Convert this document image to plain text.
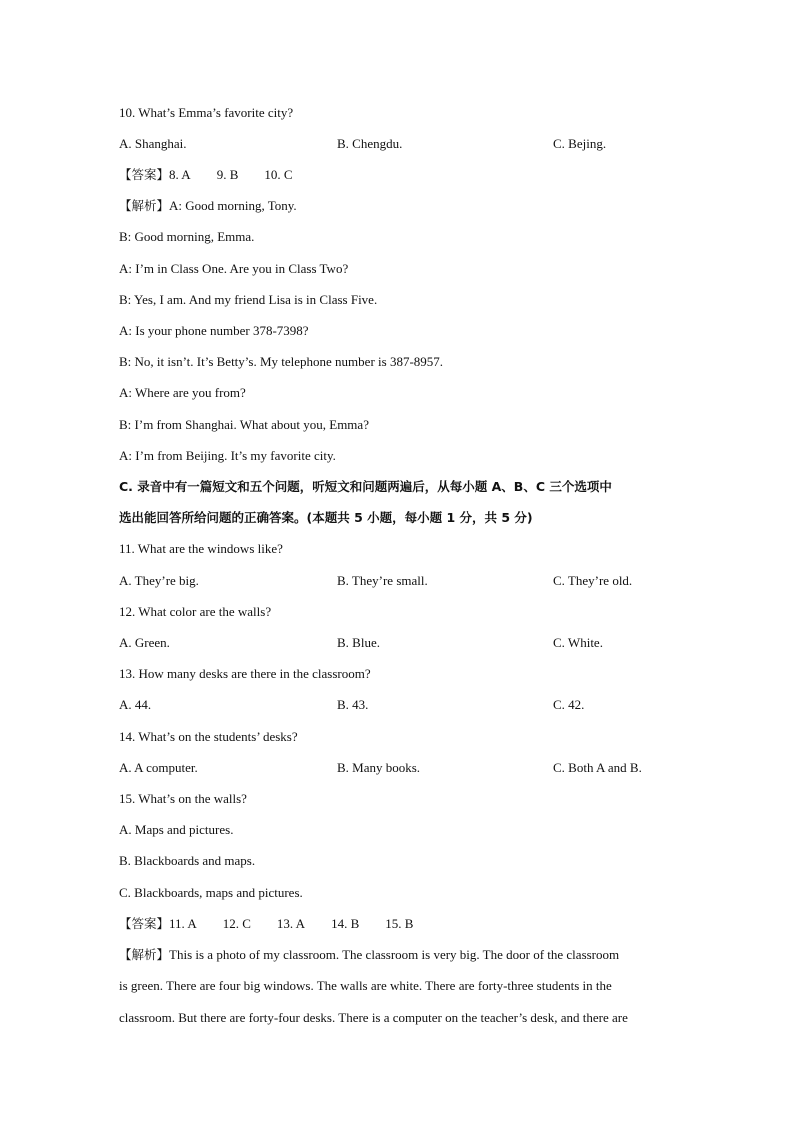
10. What’s Emma’s favorite city?
A. Shanghai.	B. Chengdu.	C. Bejing.
【答案】8. A 9. B 10. C
【解析】A: Good morning, Tony.
B: Good morning, Emma.
A: I’m in Class One. Are you in Class Two?
B: Yes, I am. And my friend Lisa is in Class Five.
A: Is your phone number 378-7398?
B: No, it isn’t. It’s Betty’s. My telephone number is 387-8957.
A: Where are you from?
B: I’m from Shanghai. What about you, Emma?
A: I’m from Beijing. It’s my favorite city.
C. 录音中有一篇短文和五个问题，听短文和问题两遍后，从每小题 A、B、C 三个选项中
选出能回答所给问题的正确答案。(本题共 5 小题，每小题 1 分，共 5 分)
11. What are the windows like?
A. They’re big.	B. They’re small.	C. They’re old.
12. What color are the walls?
A. Green.	B. Blue.	C. White.
13. How many desks are there in the classroom?
A. 44.	B. 43.	C. 42.
14. What’s on the students’ desks?
A. A computer.	B. Many books.	C. Both A and B.
15. What’s on the walls?
A. Maps and pictures.
B. Blackboards and maps.
C. Blackboards, maps and pictures.
【答案】11. A 12. C 13. A 14. B 15. B
【解析】This is a photo of my classroom. The classroom is very big. The door of the classroom
is green. There are four big windows. The walls are white. There are forty-three students in the
classroom. But there are forty-four desks. There is a computer on the teacher’s desk, and there are
